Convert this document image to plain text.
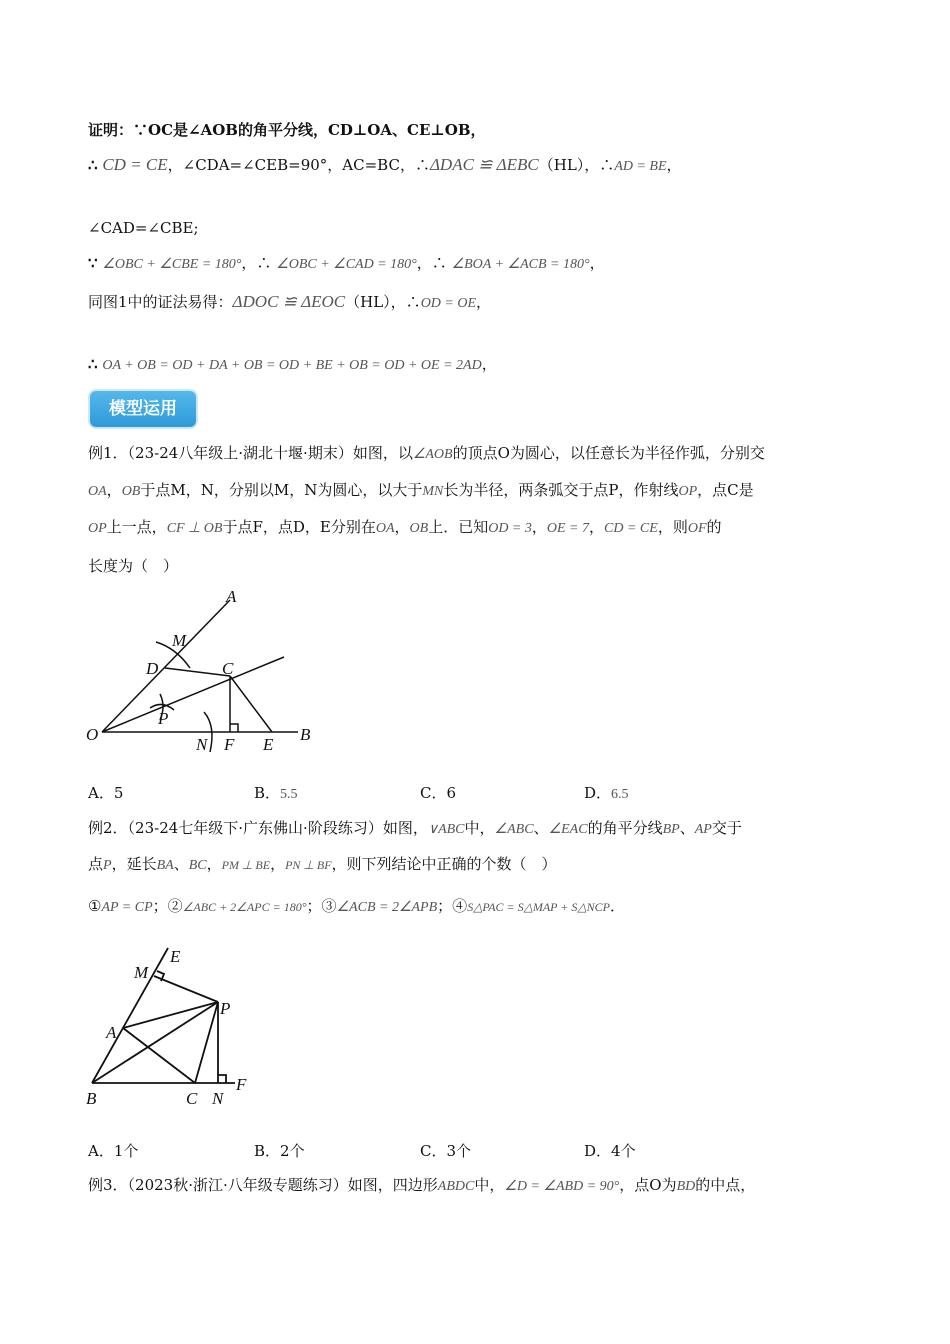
证明：∵OC是∠AOB的角平分线，CD⊥OA、CE⊥OB，
∴ CD = CE，∠CDA=∠CEB=90°，AC=BC，∴ΔDAC ≌ ΔEBC（HL），∴AD = BE，
∠CAD=∠CBE;
∵ ∠OBC + ∠CBE = 180°，∴ ∠OBC + ∠CAD = 180°，∴ ∠BOA + ∠ACB = 180°，
同图1中的证法易得：ΔDOC ≌ ΔEOC（HL），∴OD = OE，
∴ OA + OB = OD + DA + OB = OD + BE + OB = OD + OE = 2AD，
模型运用
例1．（23-24八年级上·湖北十堰·期末）如图，以∠AOB的顶点O为圆心，以任意长为半径作弧，分别交
OA，OB于点M，N，分别以M，N为圆心，以大于MN长为半径，两条弧交于点P，作射线OP，点C是
OP上一点，CF ⊥ OB于点F，点D，E分别在OA，OB上．已知OD = 3，OE = 7，CD = CE，则OF的
长度为（　）
A
M
D	C
P
O
N F E
B
A．5	B．5.5	C．6	D．6.5
例2．（23-24七年级下·广东佛山·阶段练习）如图，∨ABC中，∠ABC、∠EAC的角平分线BP、AP交于
点P，延长BA、BC，PM ⊥ BE，PN ⊥ BF，则下列结论中正确的个数（　）
①AP = CP；②∠ABC + 2∠APC = 180°；③∠ACB = 2∠APB；④S△PAC = S△MAP + S△NCP．
M
E
P
A
B	C N
F
A．1个	B．2个	C．3个	D．4个
例3．（2023秋·浙江·八年级专题练习）如图，四边形ABDC中，∠D = ∠ABD = 90°，点O为BD的中点，
